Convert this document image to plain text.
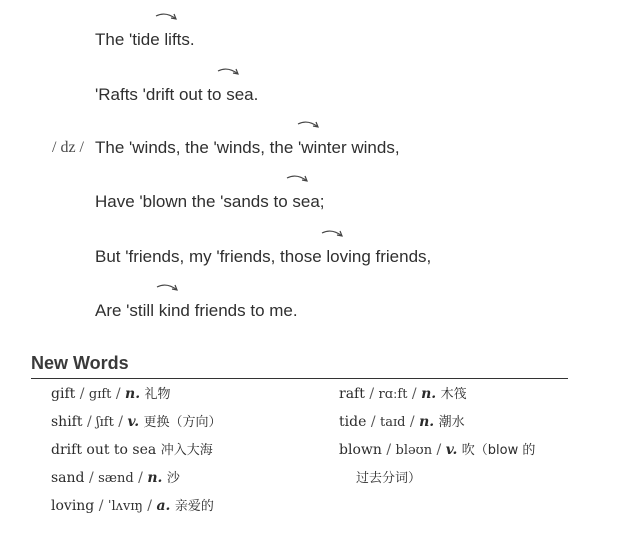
The 'tide lifts.
'Rafts 'drift out to sea.
/ dz / The 'winds, the 'winds, the 'winter winds,
Have 'blown the 'sands to sea;
But 'friends, my 'friends, those loving friends,
Are 'still kind friends to me.
New Words
gift / gɪft / n. 礼物
shift / ʃɪft / v. 更换（方向）
drift out to sea 冲入大海
sand / sænd / n. 沙
loving / ˈlʌvɪŋ / a. 亲爱的
raft / rɑːft / n. 木筏
tide / taɪd / n. 潮水
blown / bləʊn / v. 吹（blow 的
过去分词）
